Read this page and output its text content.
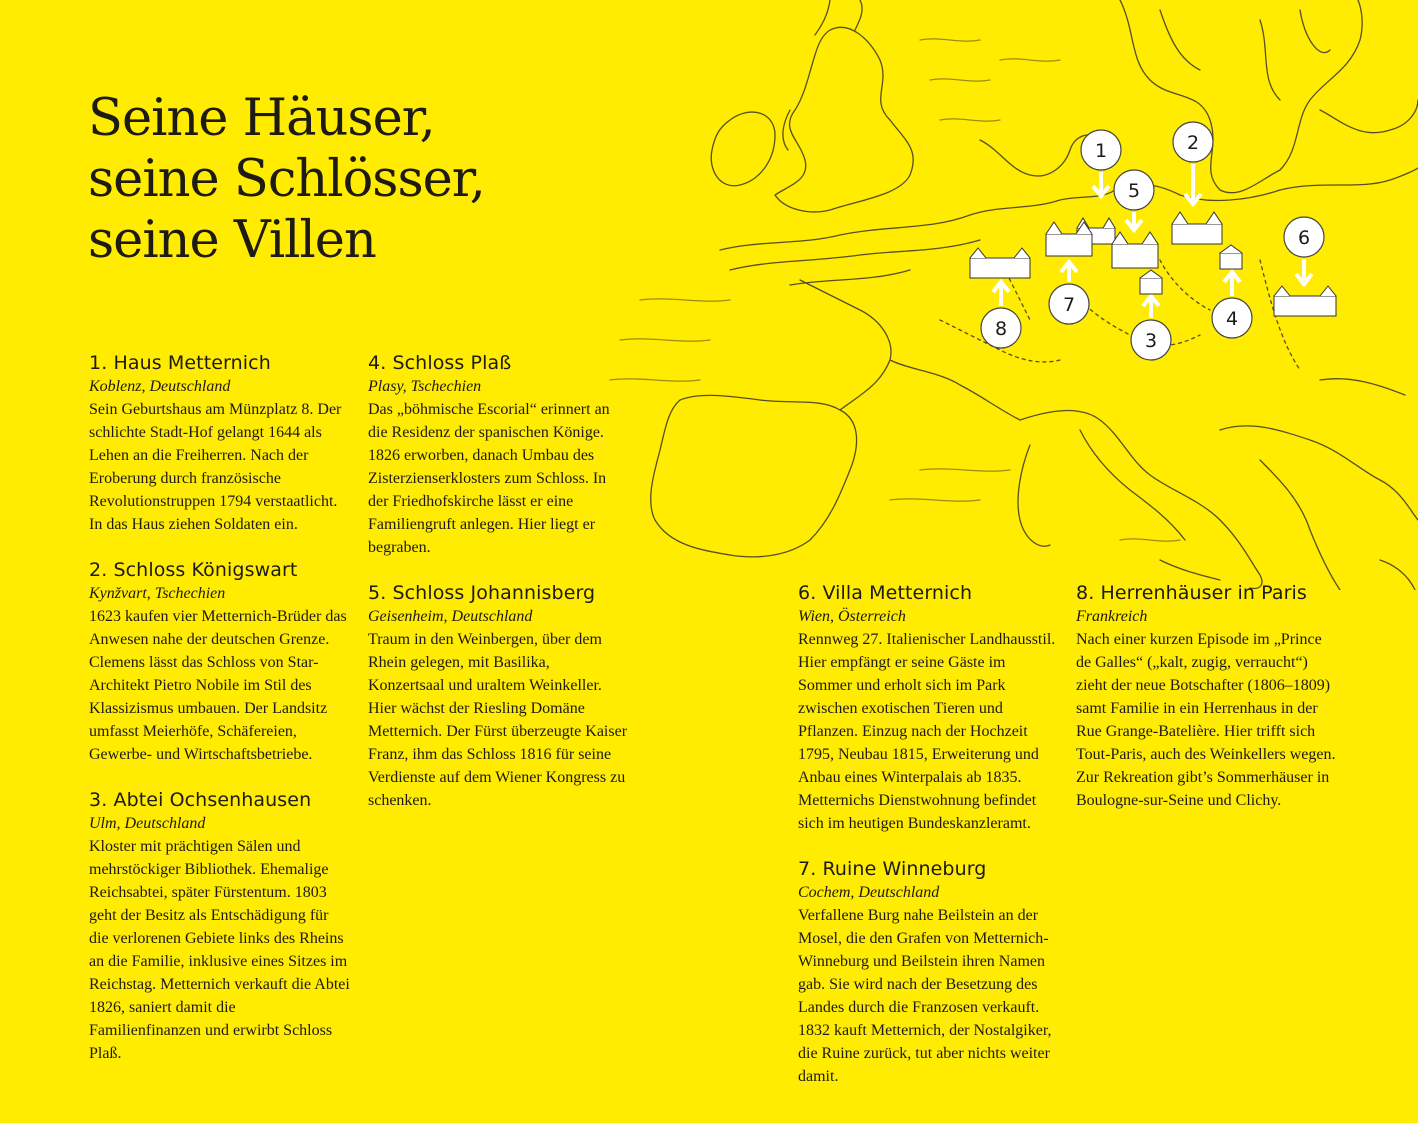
1	2
3
4
5
6
7
8
Seine Häuser,
seine Schlösser,
seine Villen
1. Haus Metternich
Koblenz, Deutschland
Sein Geburtshaus am Münzplatz 8. Der schlichte Stadt-Hof gelangt 1644 als Lehen an die Freiherren. Nach der Eroberung durch französische Revolutionstruppen 1794 verstaatlicht. In das Haus ziehen Soldaten ein.
2. Schloss Königswart
Kynžvart, Tschechien
1623 kaufen vier Metternich-Brüder das Anwesen nahe der deutschen Grenze. Clemens lässt das Schloss von Star-Architekt Pietro Nobile im Stil des Klassizismus umbauen. Der Landsitz umfasst Meierhöfe, Schäfereien, Gewerbe- und Wirtschaftsbetriebe.
3. Abtei Ochsenhausen
Ulm, Deutschland
Kloster mit prächtigen Sälen und mehrstöckiger Bibliothek. Ehemalige Reichsabtei, später Fürstentum. 1803 geht der Besitz als Entschädigung für die verlorenen Gebiete links des Rheins an die Familie, inklusive eines Sitzes im Reichstag. Metternich verkauft die Abtei 1826, saniert damit die Familienfinanzen und erwirbt Schloss Plaß.
4. Schloss Plaß
Plasy, Tschechien
Das „böhmische Escorial“ erinnert an die Residenz der spanischen Könige. 1826 erworben, danach Umbau des Zisterzienserklosters zum Schloss. In der Friedhofskirche lässt er eine Familiengruft anlegen. Hier liegt er begraben.
5. Schloss Johannisberg
Geisenheim, Deutschland
Traum in den Weinbergen, über dem Rhein gelegen, mit Basilika, Konzertsaal und uraltem Weinkeller. Hier wächst der Riesling Domäne Metternich. Der Fürst überzeugte Kaiser Franz, ihm das Schloss 1816 für seine Verdienste auf dem Wiener Kongress zu schenken.
6. Villa Metternich
Wien, Österreich
Rennweg 27. Italienischer Landhausstil. Hier empfängt er seine Gäste im Sommer und erholt sich im Park zwischen exotischen Tieren und Pflanzen. Einzug nach der Hochzeit 1795, Neubau 1815, Erweiterung und Anbau eines Winterpalais ab 1835. Metternichs Dienstwohnung befindet sich im heutigen Bundeskanzleramt.
7. Ruine Winneburg
Cochem, Deutschland
Verfallene Burg nahe Beilstein an der Mosel, die den Grafen von Metternich-Winneburg und Beilstein ihren Namen gab. Sie wird nach der Besetzung des Landes durch die Franzosen verkauft. 1832 kauft Metternich, der Nostalgiker, die Ruine zurück, tut aber nichts weiter damit.
8. Herrenhäuser in Paris
Frankreich
Nach einer kurzen Episode im „Prince de Galles“ („kalt, zugig, verraucht“) zieht der neue Botschafter (1806–1809) samt Familie in ein Herrenhaus in der Rue Grange-Batelière. Hier trifft sich Tout-Paris, auch des Weinkellers wegen. Zur Rekreation gibt’s Sommerhäuser in Boulogne-sur-Seine und Clichy.
